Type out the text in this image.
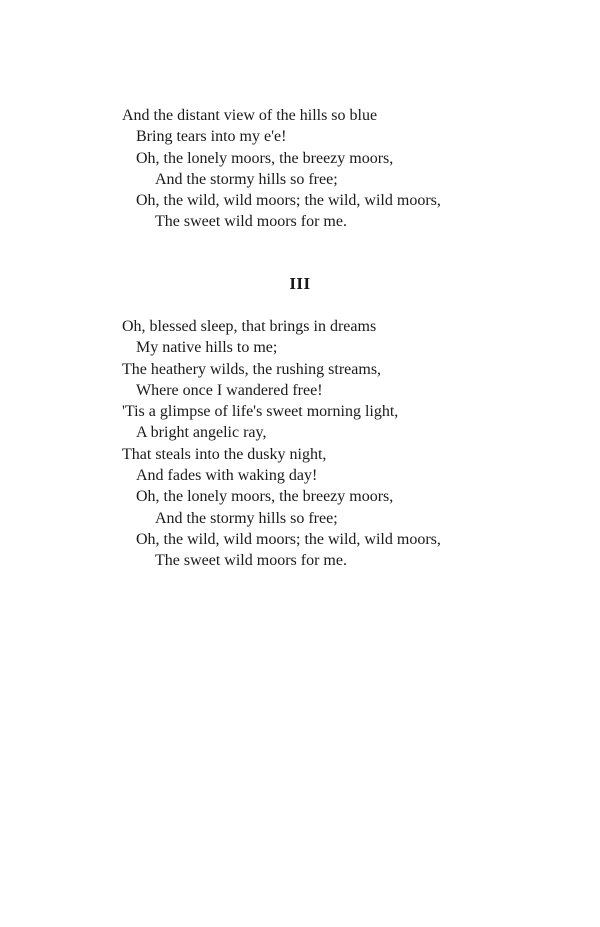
And the distant view of the hills so blue
Bring tears into my e'e!
Oh, the lonely moors, the breezy moors,
And the stormy hills so free;
Oh, the wild, wild moors; the wild, wild moors,
The sweet wild moors for me.
III
Oh, blessed sleep, that brings in dreams
My native hills to me;
The heathery wilds, the rushing streams,
Where once I wandered free!
'Tis a glimpse of life's sweet morning light,
A bright angelic ray,
That steals into the dusky night,
And fades with waking day!
Oh, the lonely moors, the breezy moors,
And the stormy hills so free;
Oh, the wild, wild moors; the wild, wild moors,
The sweet wild moors for me.
